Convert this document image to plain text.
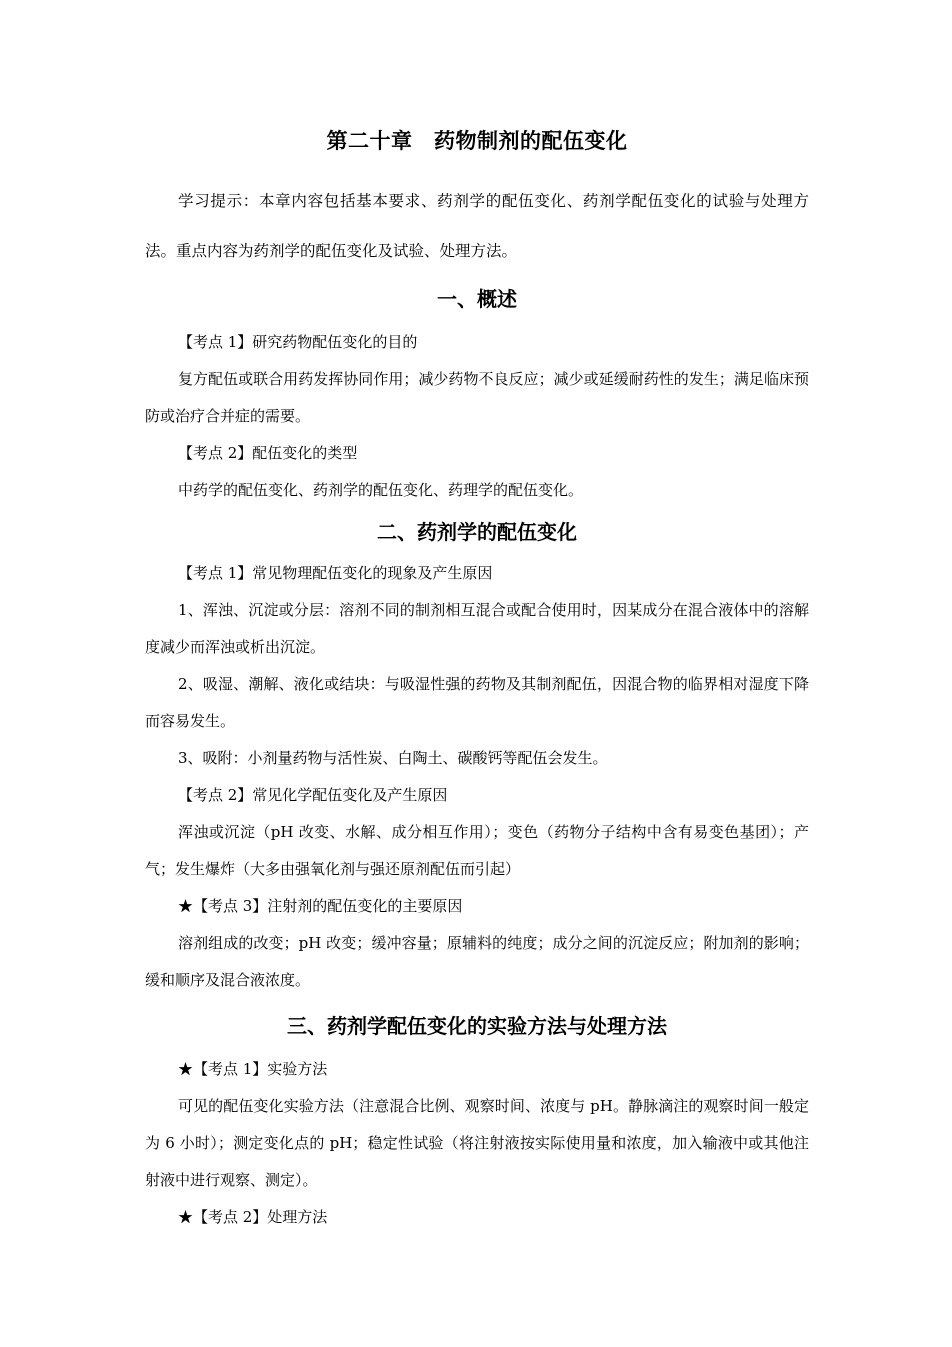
第二十章　药物制剂的配伍变化

学习提示：本章内容包括基本要求、药剂学的配伍变化、药剂学配伍变化的试验与处理方法。重点内容为药剂学的配伍变化及试验、处理方法。

一、概述

【考点 1】研究药物配伍变化的目的

复方配伍或联合用药发挥协同作用；减少药物不良反应；减少或延缓耐药性的发生；满足临床预防或治疗合并症的需要。

【考点 2】配伍变化的类型

中药学的配伍变化、药剂学的配伍变化、药理学的配伍变化。

二、药剂学的配伍变化

【考点 1】常见物理配伍变化的现象及产生原因

1、浑浊、沉淀或分层：溶剂不同的制剂相互混合或配合使用时，因某成分在混合液体中的溶解度减少而浑浊或析出沉淀。

2、吸湿、潮解、液化或结块：与吸湿性强的药物及其制剂配伍，因混合物的临界相对湿度下降而容易发生。

3、吸附：小剂量药物与活性炭、白陶土、碳酸钙等配伍会发生。

【考点 2】常见化学配伍变化及产生原因

浑浊或沉淀（pH 改变、水解、成分相互作用）；变色（药物分子结构中含有易变色基团）；产气；发生爆炸（大多由强氧化剂与强还原剂配伍而引起）

★【考点 3】注射剂的配伍变化的主要原因

溶剂组成的改变；pH 改变；缓冲容量；原辅料的纯度；成分之间的沉淀反应；附加剂的影响；缓和顺序及混合液浓度。

三、药剂学配伍变化的实验方法与处理方法

★【考点 1】实验方法

可见的配伍变化实验方法（注意混合比例、观察时间、浓度与 pH。静脉滴注的观察时间一般定为 6 小时）；测定变化点的 pH；稳定性试验（将注射液按实际使用量和浓度，加入输液中或其他注射液中进行观察、测定）。

★【考点 2】处理方法
